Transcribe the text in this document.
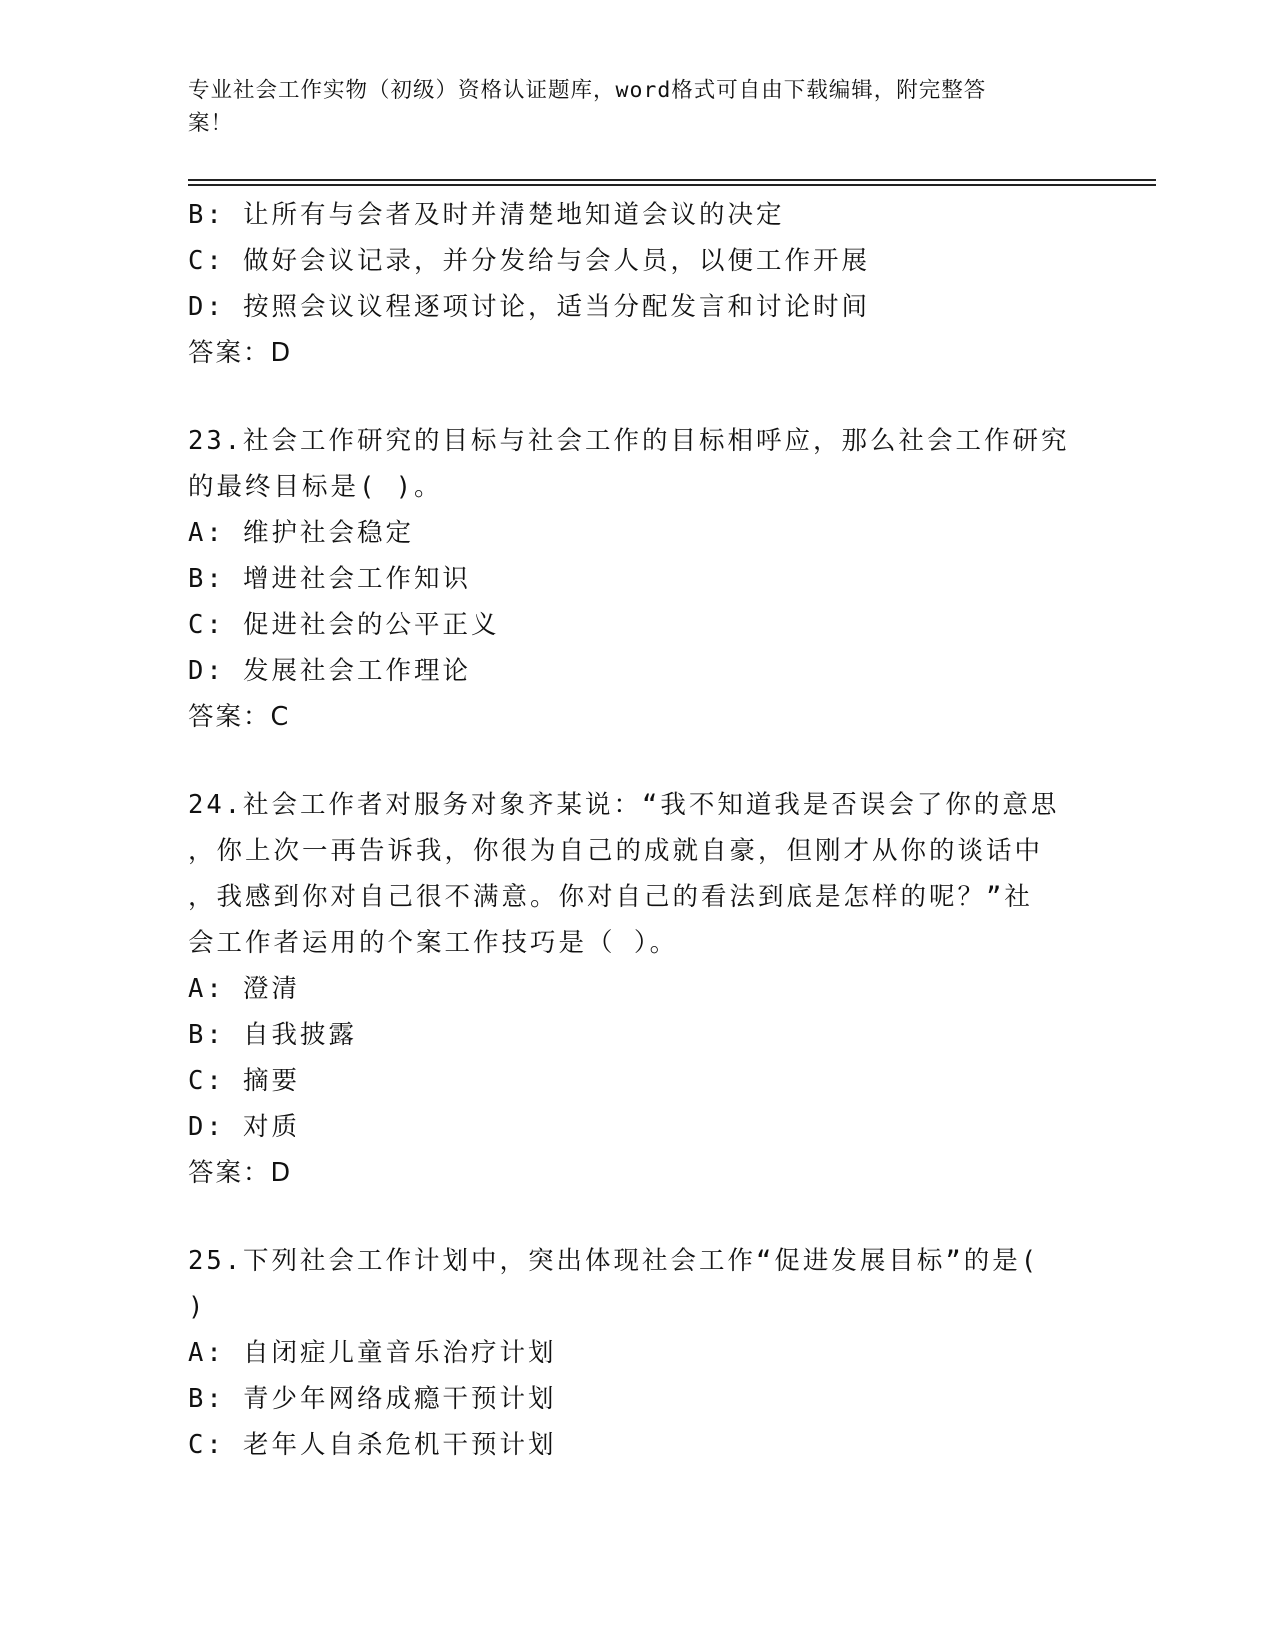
专业社会工作实物（初级）资格认证题库，word格式可自由下载编辑，附完整答
案！
B: 让所有与会者及时并清楚地知道会议的决定
C: 做好会议记录，并分发给与会人员，以便工作开展
D: 按照会议议程逐项讨论，适当分配发言和讨论时间
答案：D
23.社会工作研究的目标与社会工作的目标相呼应，那么社会工作研究
的最终目标是( )。
A: 维护社会稳定
B: 增进社会工作知识
C: 促进社会的公平正义
D: 发展社会工作理论
答案：C
24.社会工作者对服务对象齐某说：“我不知道我是否误会了你的意思
，你上次一再告诉我，你很为自己的成就自豪，但刚才从你的谈话中
，我感到你对自己很不满意。你对自己的看法到底是怎样的呢？”社
会工作者运用的个案工作技巧是（ ）。
A: 澄清
B: 自我披露
C: 摘要
D: 对质
答案：D
25.下列社会工作计划中，突出体现社会工作“促进发展目标”的是(
)
A: 自闭症儿童音乐治疗计划
B: 青少年网络成瘾干预计划
C: 老年人自杀危机干预计划
